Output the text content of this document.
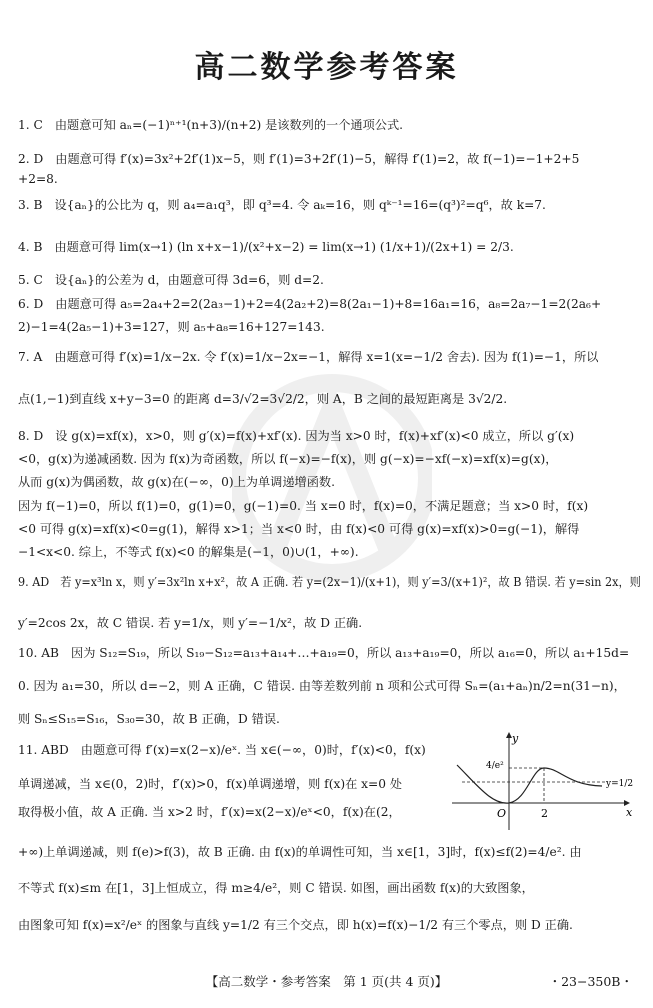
高二数学参考答案
1. C 由题意可知 aₙ=(−1)ⁿ⁺¹(n+3)/(n+2) 是该数列的一个通项公式.
2. D 由题意可得 f′(x)=3x²+2f′(1)x−5，则 f′(1)=3+2f′(1)−5，解得 f′(1)=2，故 f(−1)=−1+2+5
+2=8.
3. B 设{aₙ}的公比为 q，则 a₄=a₁q³，即 q³=4. 令 aₖ=16，则 qᵏ⁻¹=16=(q³)²=q⁶，故 k=7.
4. B 由题意可得 lim(x→1) (ln x+x−1)/(x²+x−2) = lim(x→1) (1/x+1)/(2x+1) = 2/3.
5. C 设{aₙ}的公差为 d，由题意可得 3d=6，则 d=2.
6. D 由题意可得 a₅=2a₄+2=2(2a₃−1)+2=4(2a₂+2)=8(2a₁−1)+8=16a₁=16，a₈=2a₇−1=2(2a₆+
2)−1=4(2a₅−1)+3=127，则 a₅+a₈=16+127=143.
7. A 由题意可得 f′(x)=1/x−2x. 令 f′(x)=1/x−2x=−1，解得 x=1(x=−1/2 舍去). 因为 f(1)=−1，所以
点(1,−1)到直线 x+y−3=0 的距离 d=3/√2=3√2/2，则 A，B 之间的最短距离是 3√2/2.
8. D 设 g(x)=xf(x)，x>0，则 g′(x)=f(x)+xf′(x). 因为当 x>0 时，f(x)+xf′(x)<0 成立，所以 g′(x)
<0，g(x)为递减函数. 因为 f(x)为奇函数，所以 f(−x)=−f(x)，则 g(−x)=−xf(−x)=xf(x)=g(x)，
从而 g(x)为偶函数，故 g(x)在(−∞，0)上为单调递增函数.
因为 f(−1)=0，所以 f(1)=0，g(1)=0，g(−1)=0. 当 x=0 时，f(x)=0，不满足题意；当 x>0 时，f(x)
<0 可得 g(x)=xf(x)<0=g(1)，解得 x>1；当 x<0 时，由 f(x)<0 可得 g(x)=xf(x)>0=g(−1)，解得
−1<x<0. 综上，不等式 f(x)<0 的解集是(−1，0)∪(1，+∞).
9. AD 若 y=x³ln x，则 y′=3x²ln x+x²，故 A 正确. 若 y=(2x−1)/(x+1)，则 y′=3/(x+1)²，故 B 错误. 若 y=sin 2x，则
y′=2cos 2x，故 C 错误. 若 y=1/x，则 y′=−1/x²，故 D 正确.
10. AB 因为 S₁₂=S₁₉，所以 S₁₉−S₁₂=a₁₃+a₁₄+…+a₁₉=0，所以 a₁₃+a₁₉=0，所以 a₁₆=0，所以 a₁+15d=
0. 因为 a₁=30，所以 d=−2，则 A 正确，C 错误. 由等差数列前 n 项和公式可得 Sₙ=(a₁+aₙ)n/2=n(31−n)，
则 Sₙ≤S₁₅=S₁₆，S₃₀=30，故 B 正确，D 错误.
11. ABD 由题意可得 f′(x)=x(2−x)/eˣ. 当 x∈(−∞，0)时，f′(x)<0，f(x)
单调递减，当 x∈(0，2)时，f′(x)>0，f(x)单调递增，则 f(x)在 x=0 处
取得极小值，故 A 正确. 当 x>2 时，f′(x)=x(2−x)/eˣ<0，f(x)在(2，
+∞)上单调递减，则 f(e)>f(3)，故 B 正确. 由 f(x)的单调性可知，当 x∈[1，3]时，f(x)≤f(2)=4/e². 由
不等式 f(x)≤m 在[1，3]上恒成立，得 m≥4/e²，则 C 错误. 如图，画出函数 f(x)的大致图象，
由图象可知 f(x)=x²/eˣ 的图象与直线 y=1/2 有三个交点，即 h(x)=f(x)−1/2 有三个零点，则 D 正确.
y
x
O	2
4/e²
y=1/2
【高二数学・参考答案　第 1 页(共 4 页)】	・23−350B・
